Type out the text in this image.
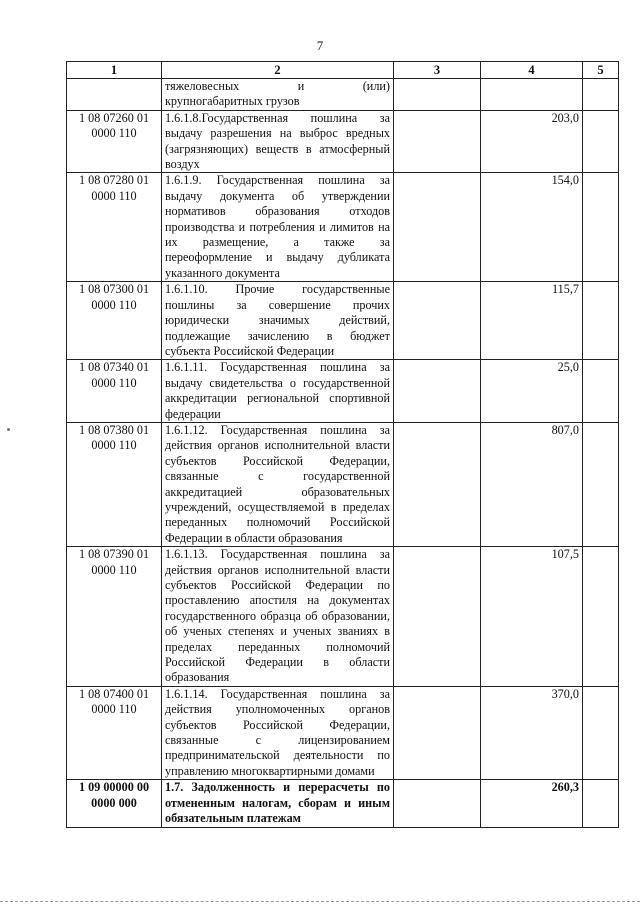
7
1	2	3	4	5

	тяжеловесных и (или)
крупногабаритных грузов			

1 08 07260 01 0000 110	1.6.1.8.Государственная пошлина за выдачу разрешения на выброс вредных (загрязняющих) веществ в атмосферный воздух		203,0	
1 08 07280 01 0000 110	1.6.1.9. Государственная пошлина за выдачу документа об утверждении нормативов образования отходов производства и потребления и лимитов на их размещение, а также за переоформление и выдачу дубликата указанного документа		154,0	
1 08 07300 01 0000 110	1.6.1.10. Прочие государственные пошлины за совершение прочих юридически значимых действий, подлежащие зачислению в бюджет субъекта Российской Федерации		115,7	
1 08 07340 01 0000 110	1.6.1.11. Государственная пошлина за выдачу свидетельства о государственной аккредитации региональной спортивной федерации		25,0	
1 08 07380 01 0000 110	1.6.1.12. Государственная пошлина за действия органов исполнительной власти субъектов Российской Федерации, связанные с государственной аккредитацией образовательных учреждений, осуществляемой в пределах переданных полномочий Российской Федерации в области образования		807,0	
1 08 07390 01 0000 110	1.6.1.13. Государственная пошлина за действия органов исполнительной власти субъектов Российской Федерации по проставлению апостиля на документах государственного образца об образовании, об ученых степенях и ученых званиях в пределах переданных полномочий Российской Федерации в области образования		107,5	
1 08 07400 01 0000 110	1.6.1.14. Государственная пошлина за действия уполномоченных органов субъектов Российской Федерации, связанные с лицензированием предпринимательской деятельности по управлению многоквартирными домами		370,0	
1 09 00000 00 0000 000	1.7. Задолженность и перерасчеты по отмененным налогам, сборам и иным обязательным платежам		260,3	
